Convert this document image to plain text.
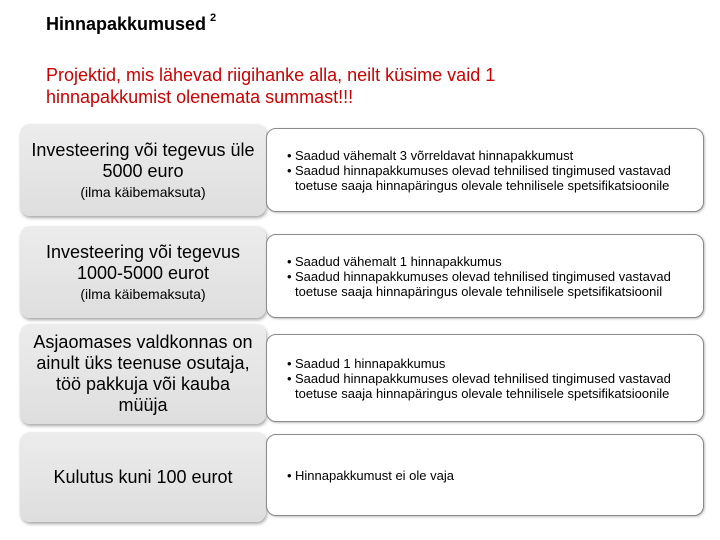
Hinnapakkumused $^2$
Projektid, mis lähevad riigihanke alla, neilt küsime vaid 1 hinnapakkumist olenemata summast!!!
Investeering või tegevus üle 5000 euro
(ilma käibemaksuta)
• Saadud vähemalt 3 võrreldavat hinnapakkumust
• Saadud hinnapakkumuses olevad tehnilised tingimused vastavad toetuse saaja hinnapäringus olevale tehnilisele spetsifikatsioonile
Investeering või tegevus 1000-5000 eurot
(ilma käibemaksuta)
• Saadud vähemalt 1 hinnapakkumus
• Saadud hinnapakkumuses olevad tehnilised tingimused vastavad toetuse saaja hinnapäringus olevale tehnilisele spetsifikatsioonil
Asjaomases valdkonnas on ainult üks teenuse osutaja, töö pakkuja või kauba müüja
• Saadud 1 hinnapakkumus
• Saadud hinnapakkumuses olevad tehnilised tingimused vastavad toetuse saaja hinnapäringus olevale tehnilisele spetsifikatsioonile
Kulutus kuni 100 eurot	• Hinnapakkumust ei ole vaja
